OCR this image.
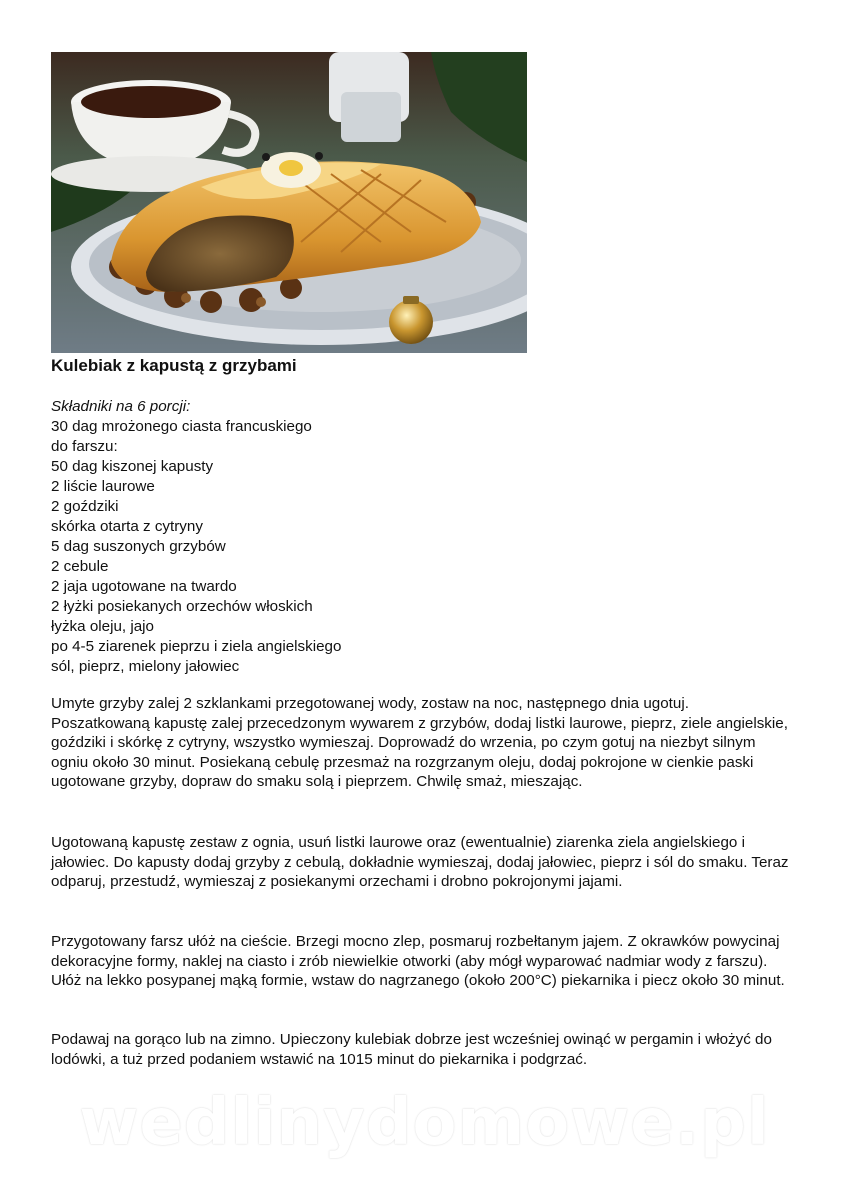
Kulebiak z kapustą z grzybami
Składniki na 6 porcji:
30 dag mrożonego ciasta francuskiego
do farszu:
50 dag kiszonej kapusty
2 liście laurowe
2 goździki
skórka otarta z cytryny
5 dag suszonych grzybów
2 cebule
2 jaja ugotowane na twardo
2 łyżki posiekanych orzechów włoskich
łyżka oleju, jajo
po 4-5 ziarenek pieprzu i ziela angielskiego
sól, pieprz, mielony jałowiec

Umyte grzyby zalej 2 szklankami przegotowanej wody, zostaw na noc, następnego dnia ugotuj. Poszatkowaną kapustę zalej przecedzonym wywarem z grzybów, dodaj listki laurowe, pieprz, ziele angielskie, goździki i skórkę z cytryny, wszystko wymieszaj. Doprowadź do wrzenia, po czym gotuj na niezbyt silnym ogniu około 30 minut. Posiekaną cebulę przesmaż na rozgrzanym oleju, dodaj pokrojone w cienkie paski ugotowane grzyby, dopraw do smaku solą i pieprzem. Chwilę smaż, mieszając.

Ugotowaną kapustę zestaw z ognia, usuń listki laurowe oraz (ewentualnie) ziarenka ziela angielskiego i jałowiec. Do kapusty dodaj grzyby z cebulą, dokładnie wymieszaj, dodaj jałowiec, pieprz i sól do smaku. Teraz odparuj, przestudź, wymieszaj z posiekanymi orzechami i drobno pokrojonymi jajami.

Przygotowany farsz ułóż na cieście. Brzegi mocno zlep, posmaruj rozbełtanym jajem. Z okrawków powycinaj dekoracyjne formy, naklej na ciasto i zrób niewielkie otworki (aby mógł wyparować nadmiar wody z farszu). Ułóż na lekko posypanej mąką formie, wstaw do nagrzanego (około 200°C) piekarnika i piecz około 30 minut.

Podawaj na gorąco lub na zimno. Upieczony kulebiak dobrze jest wcześniej owinąć w pergamin i włożyć do lodówki, a tuż przed podaniem wstawić na 1015 minut do piekarnika i podgrzać.

wedlinydomowe.pl
